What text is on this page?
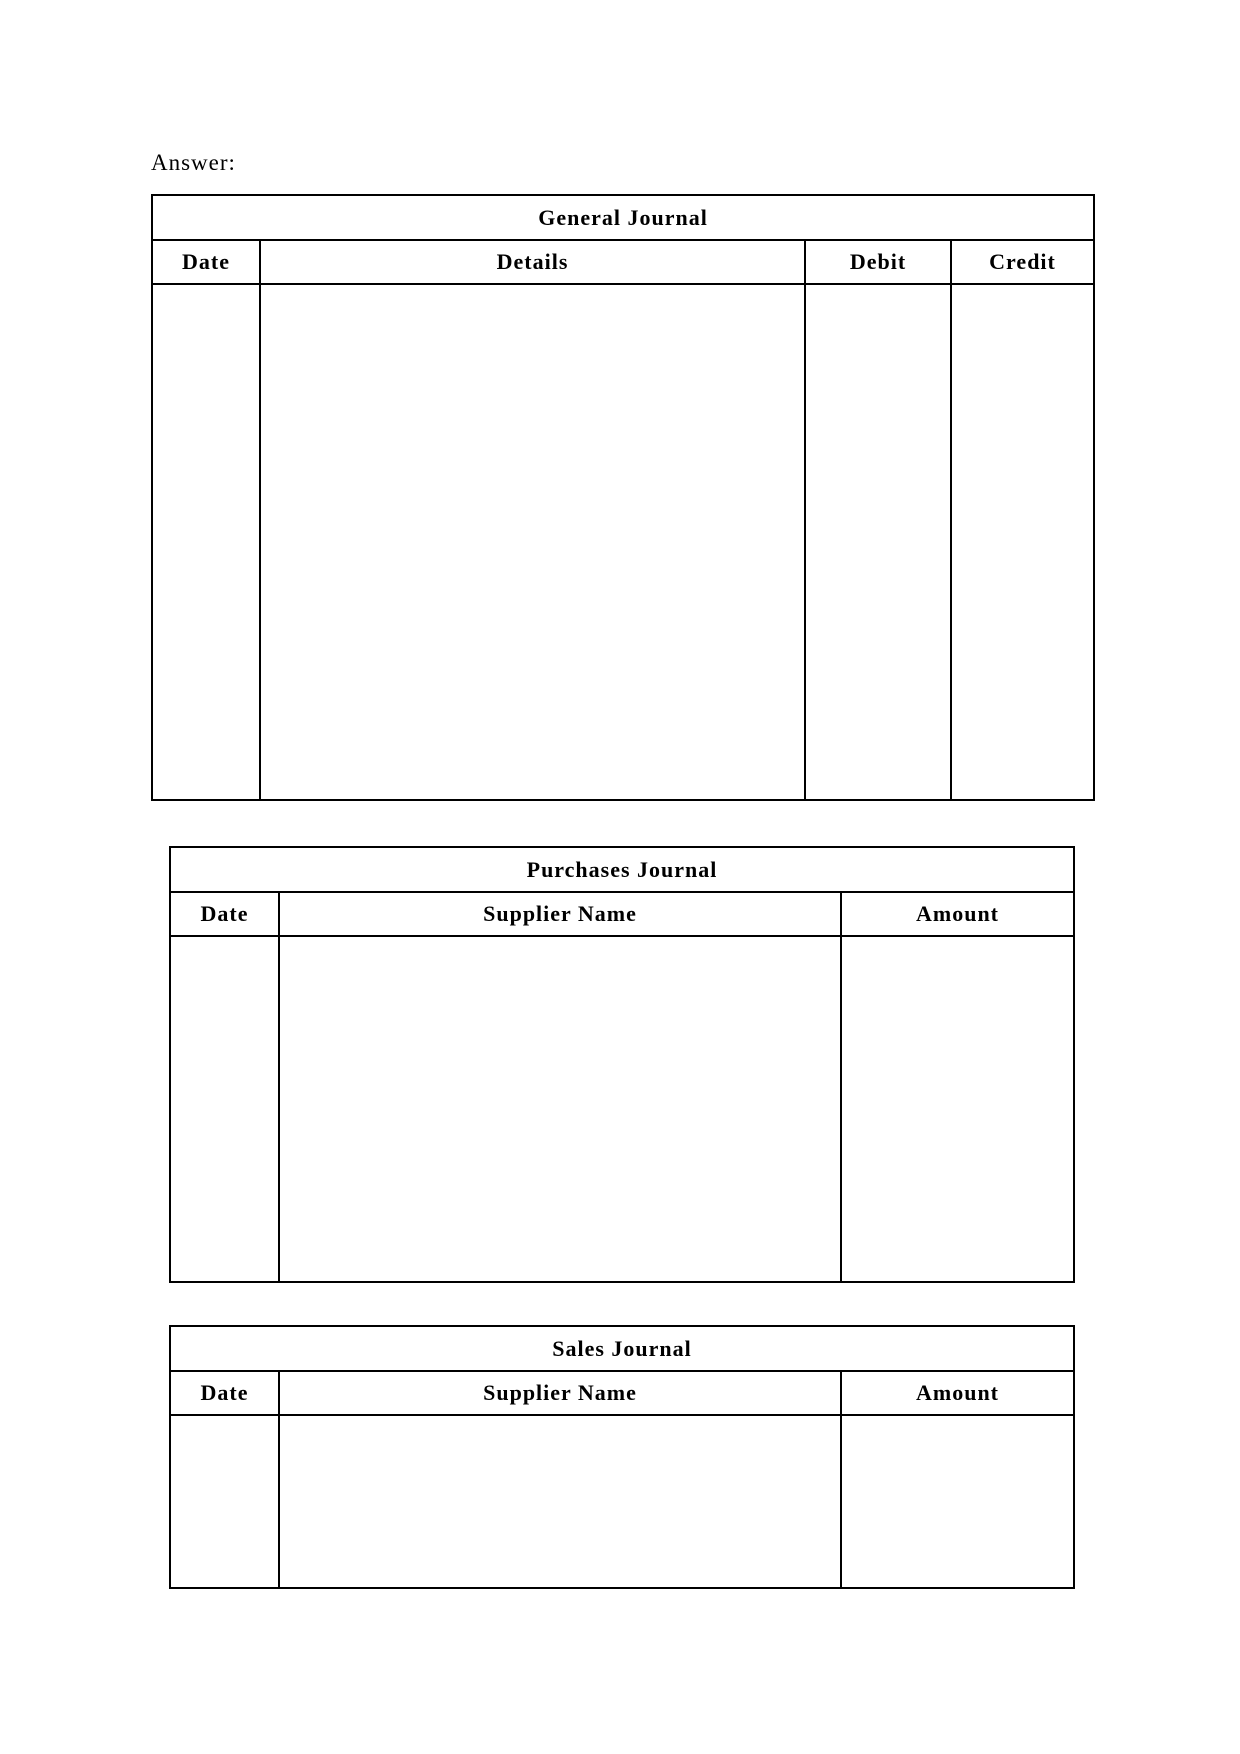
Answer:
General Journal			
Date	Details	Debit	Credit

Purchases Journal		
Date	Supplier Name	Amount

Sales Journal		
Date	Supplier Name	Amount
